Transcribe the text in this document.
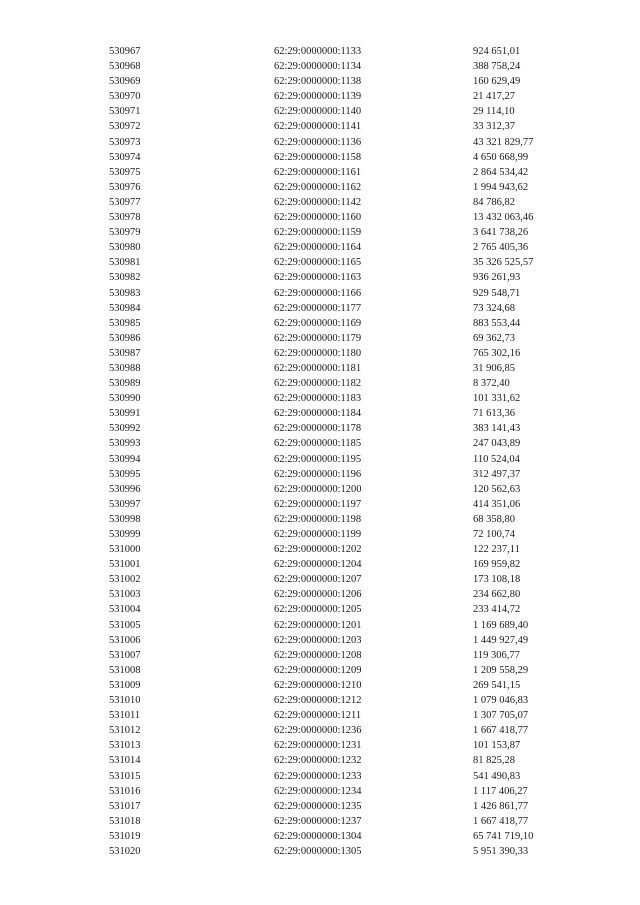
	530967	62:29:0000000:1133	924 651,01
	530968	62:29:0000000:1134	388 758,24
	530969	62:29:0000000:1138	160 629,49
	530970	62:29:0000000:1139	21 417,27
	530971	62:29:0000000:1140	29 114,10
	530972	62:29:0000000:1141	33 312,37
	530973	62:29:0000000:1136	43 321 829,77
	530974	62:29:0000000:1158	4 650 668,99
	530975	62:29:0000000:1161	2 864 534,42
	530976	62:29:0000000:1162	1 994 943,62
	530977	62:29:0000000:1142	84 786,82
	530978	62:29:0000000:1160	13 432 063,46
	530979	62:29:0000000:1159	3 641 738,26
	530980	62:29:0000000:1164	2 765 405,36
	530981	62:29:0000000:1165	35 326 525,57
	530982	62:29:0000000:1163	936 261,93
	530983	62:29:0000000:1166	929 548,71
	530984	62:29:0000000:1177	73 324,68
	530985	62:29:0000000:1169	883 553,44
	530986	62:29:0000000:1179	69 362,73
	530987	62:29:0000000:1180	765 302,16
	530988	62:29:0000000:1181	31 906,85
	530989	62:29:0000000:1182	8 372,40
	530990	62:29:0000000:1183	101 331,62
	530991	62:29:0000000:1184	71 613,36
	530992	62:29:0000000:1178	383 141,43
	530993	62:29:0000000:1185	247 043,89
	530994	62:29:0000000:1195	110 524,04
	530995	62:29:0000000:1196	312 497,37
	530996	62:29:0000000:1200	120 562,63
	530997	62:29:0000000:1197	414 351,06
	530998	62:29:0000000:1198	68 358,80
	530999	62:29:0000000:1199	72 100,74
	531000	62:29:0000000:1202	122 237,11
	531001	62:29:0000000:1204	169 959,82
	531002	62:29:0000000:1207	173 108,18
	531003	62:29:0000000:1206	234 662,80
	531004	62:29:0000000:1205	233 414,72
	531005	62:29:0000000:1201	1 169 689,40
	531006	62:29:0000000:1203	1 449 927,49
	531007	62:29:0000000:1208	119 306,77
	531008	62:29:0000000:1209	1 209 558,29
	531009	62:29:0000000:1210	269 541,15
	531010	62:29:0000000:1212	1 079 046,83
	531011	62:29:0000000:1211	1 307 705,07
	531012	62:29:0000000:1236	1 667 418,77
	531013	62:29:0000000:1231	101 153,87
	531014	62:29:0000000:1232	81 825,28
	531015	62:29:0000000:1233	541 490,83
	531016	62:29:0000000:1234	1 117 406,27
	531017	62:29:0000000:1235	1 426 861,77
	531018	62:29:0000000:1237	1 667 418,77
	531019	62:29:0000000:1304	65 741 719,10
	531020	62:29:0000000:1305	5 951 390,33
